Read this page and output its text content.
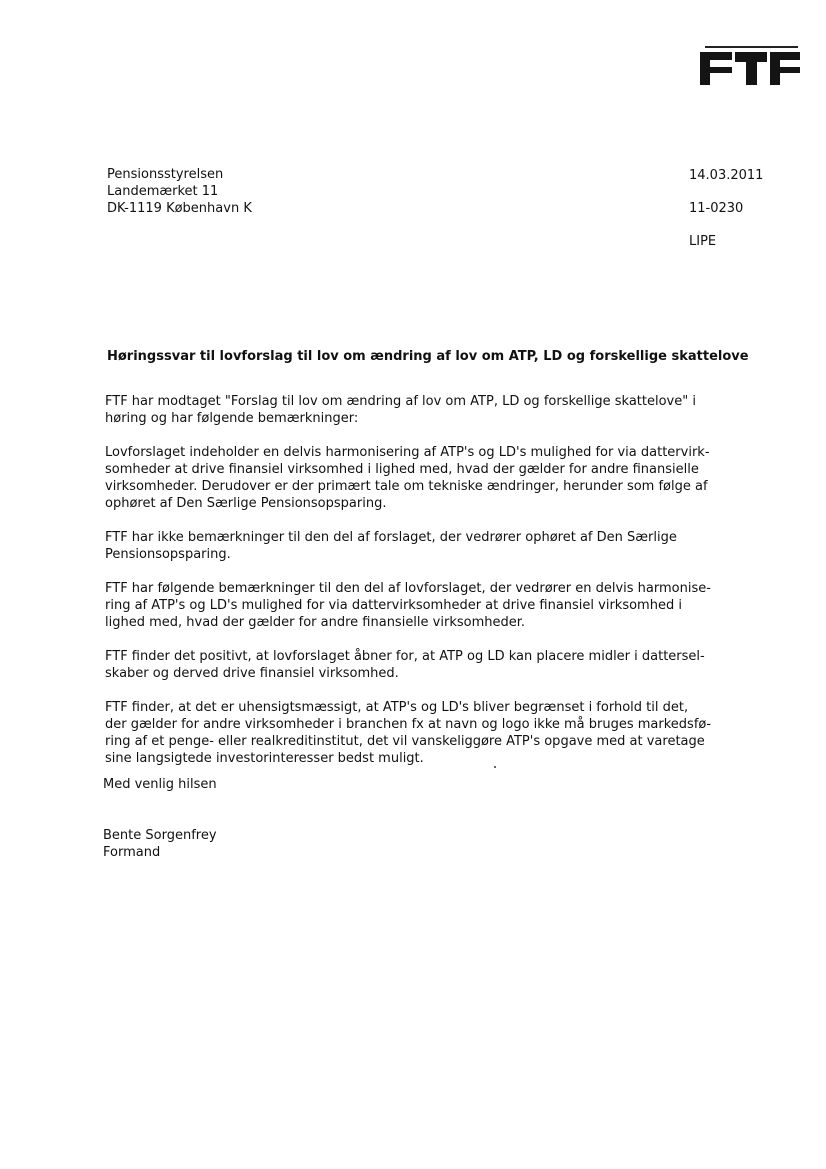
Pensionsstyrelsen
Landemærket 11
DK-1119 København K
14.03.2011
11-0230
LIPE
Høringssvar til lovforslag til lov om ændring af lov om ATP, LD og forskellige skattelove

FTF har modtaget "Forslag til lov om ændring af lov om ATP, LD og forskellige skattelove" i
høring og har følgende bemærkninger:

Lovforslaget indeholder en delvis harmonisering af ATP's og LD's mulighed for via dattervirk-
somheder at drive finansiel virksomhed i lighed med, hvad der gælder for andre finansielle
virksomheder. Derudover er der primært tale om tekniske ændringer, herunder som følge af
ophøret af Den Særlige Pensionsopsparing.

FTF har ikke bemærkninger til den del af forslaget, der vedrører ophøret af Den Særlige
Pensionsopsparing.

FTF har følgende bemærkninger til den del af lovforslaget, der vedrører en delvis harmonise-
ring af ATP's og LD's mulighed for via dattervirksomheder at drive finansiel virksomhed i
lighed med, hvad der gælder for andre finansielle virksomheder.

FTF finder det positivt, at lovforslaget åbner for, at ATP og LD kan placere midler i dattersel-
skaber og derved drive finansiel virksomhed.

FTF finder, at det er uhensigtsmæssigt, at ATP's og LD's bliver begrænset i forhold til det,
der gælder for andre virksomheder i branchen fx at navn og logo ikke må bruges markedsfø-
ring af et penge- eller realkreditinstitut, det vil vanskeliggøre ATP's opgave med at varetage
sine langsigtede investorinteresser bedst muligt.

Med venlig hilsen
Bente Sorgenfrey
Formand
